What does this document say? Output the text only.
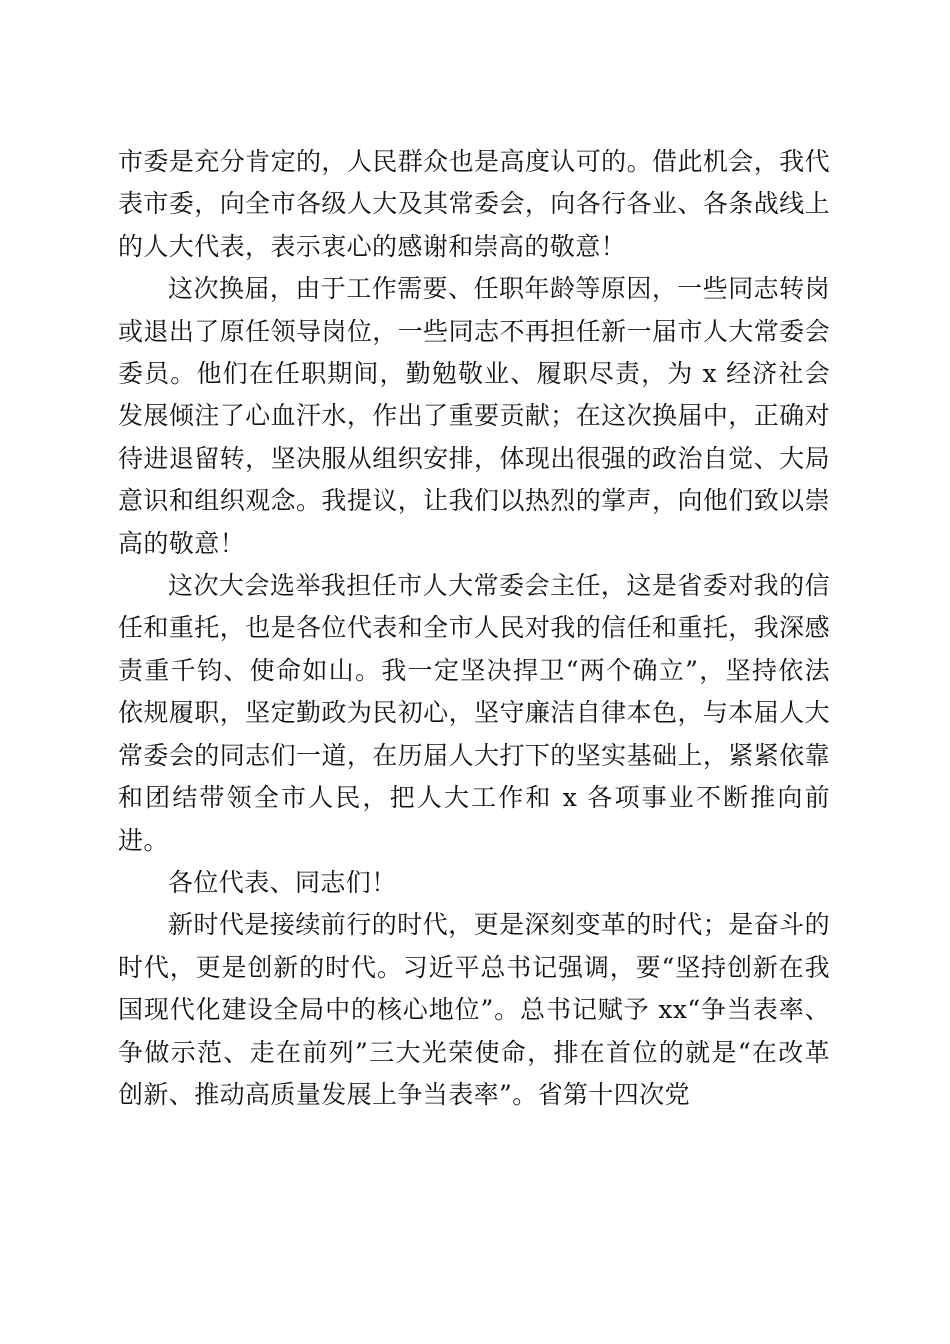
市委是充分肯定的，人民群众也是高度认可的。借此机会，我代表市委，向全市各级人大及其常委会，向各行各业、各条战线上的人大代表，表示衷心的感谢和崇高的敬意！

这次换届，由于工作需要、任职年龄等原因，一些同志转岗或退出了原任领导岗位，一些同志不再担任新一届市人大常委会委员。他们在任职期间，勤勉敬业、履职尽责，为 x 经济社会发展倾注了心血汗水，作出了重要贡献；在这次换届中，正确对待进退留转，坚决服从组织安排，体现出很强的政治自觉、大局意识和组织观念。我提议，让我们以热烈的掌声，向他们致以崇高的敬意！

这次大会选举我担任市人大常委会主任，这是省委对我的信任和重托，也是各位代表和全市人民对我的信任和重托，我深感责重千钧、使命如山。我一定坚决捍卫“两个确立”，坚持依法依规履职，坚定勤政为民初心，坚守廉洁自律本色，与本届人大常委会的同志们一道，在历届人大打下的坚实基础上，紧紧依靠和团结带领全市人民，把人大工作和 x 各项事业不断推向前进。

各位代表、同志们！

新时代是接续前行的时代，更是深刻变革的时代；是奋斗的时代，更是创新的时代。习近平总书记强调，要“坚持创新在我国现代化建设全局中的核心地位”。总书记赋予 xx“争当表率、争做示范、走在前列”三大光荣使命，排在首位的就是“在改革创新、推动高质量发展上争当表率”。省第十四次党
